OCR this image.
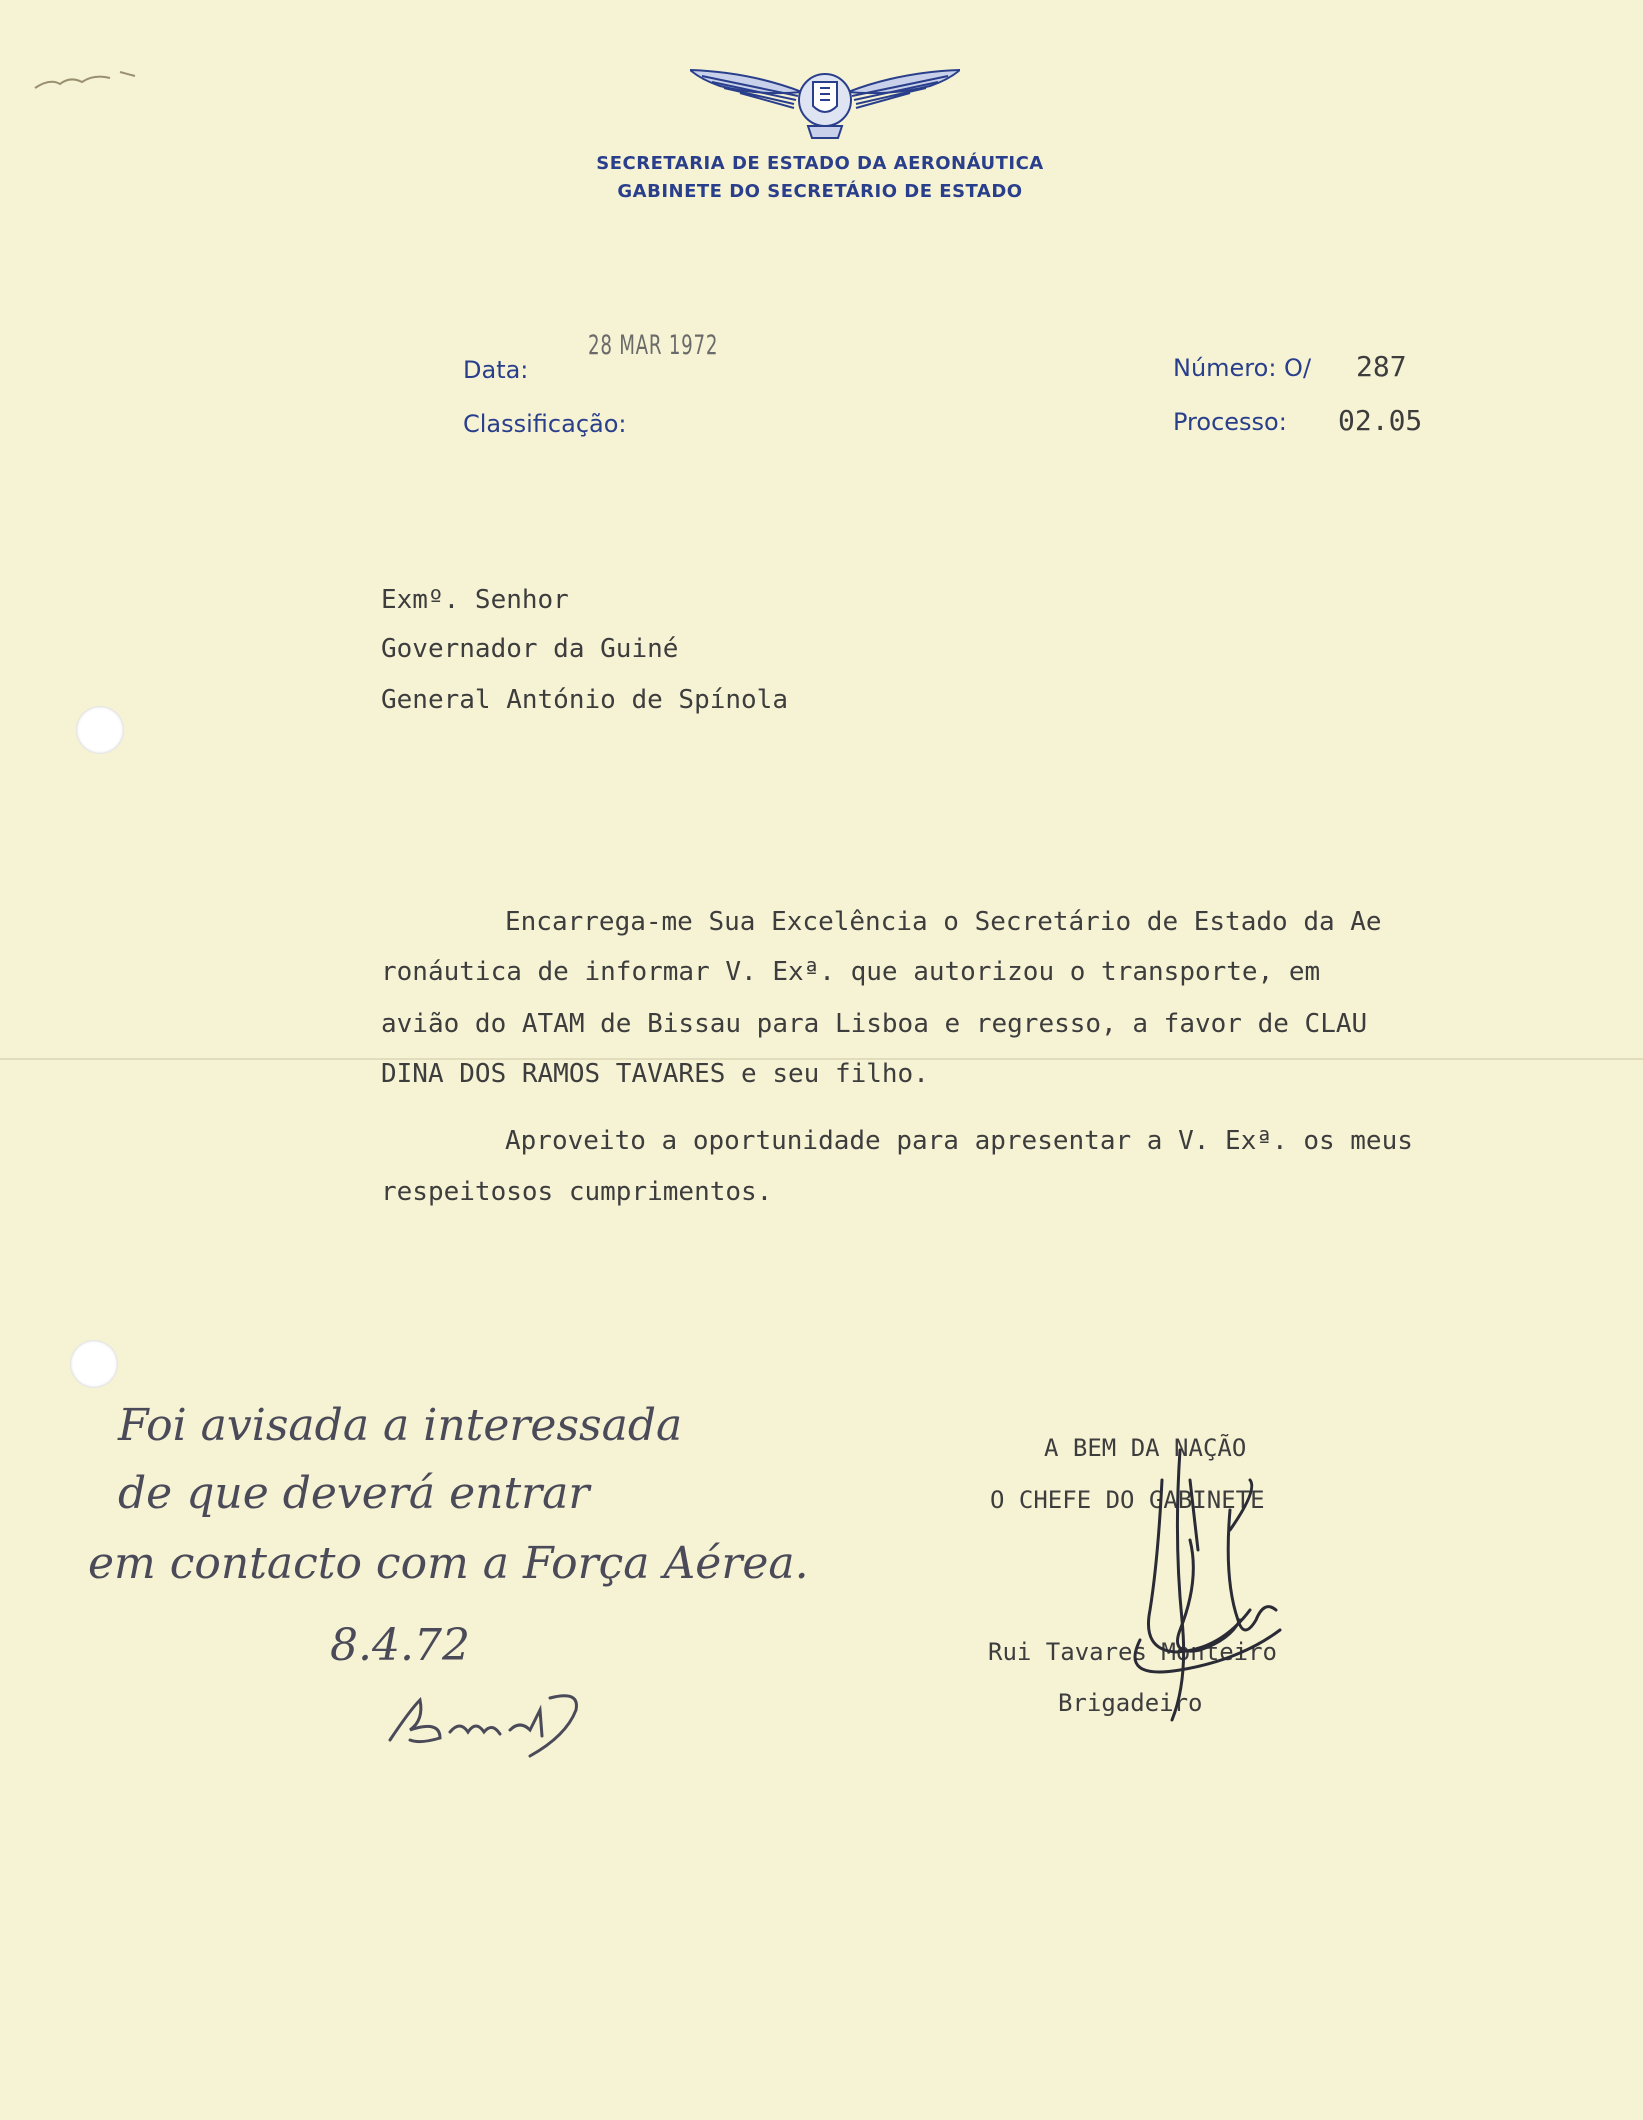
SECRETARIA DE ESTADO DA AERONÁUTICA
GABINETE DO SECRETÁRIO DE ESTADO
Data:
28 MAR 1972
Classificação:
Número: O/ 287
Processo: 02.05
Exmº. Senhor
Governador da Guiné
General António de Spínola
Encarrega-me Sua Excelência o Secretário de Estado da Ae
ronáutica de informar V. Exª. que autorizou o transporte, em
avião do ATAM de Bissau para Lisboa e regresso, a favor de CLAU
DINA DOS RAMOS TAVARES e seu filho.
Aproveito a oportunidade para apresentar a V. Exª. os meus
respeitosos cumprimentos.
A BEM DA NAÇÃO
O CHEFE DO GABINETE
Rui Tavares Monteiro
Brigadeiro
Foi avisada a interessada
de que deverá entrar
em contacto com a Força Aérea.
8.4.72
